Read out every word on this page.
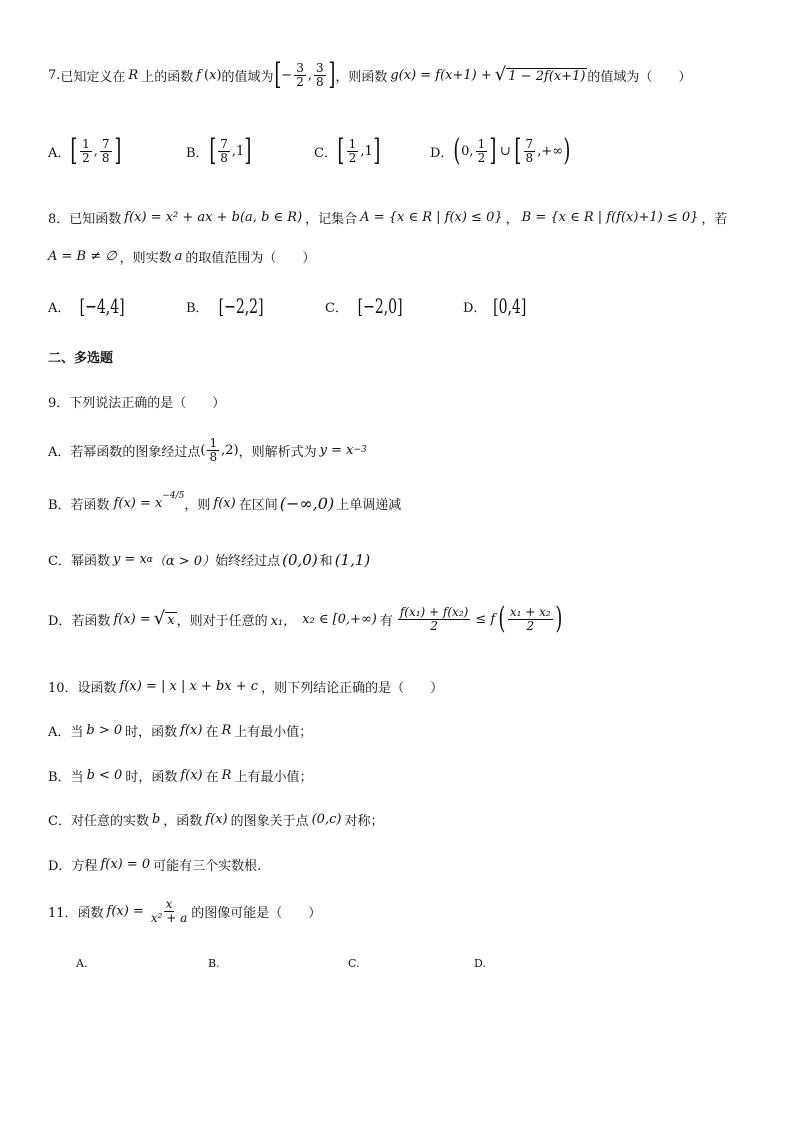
7. 已知定义在 R 上的函数 f ( x ) 的值域为 [ − $\frac{3}{2}$ , $\frac{3}{8}$ ] ，则函数 g(x) = f(x+1) + √ 1 − 2f(x+1) 的值域为（　　）
A． [ $\frac{1}{2}$ , $\frac{7}{8}$ ]	B． [ $\frac{7}{8} ,1$ ]	C． [ $\frac{1}{2} ,1$ ]	D． ( 0, $\frac{1}{2}$ ] ∪ [ $\frac{7}{8}$ ,+∞ )
8．已知函数 f(x) = x² + ax + b(a, b ∈ R) ，记集合 A = {x ∈ R | f(x) ≤ 0} ， B = {x ∈ R | f(f(x)+1) ≤ 0} ，若
A = B ≠ ∅ ，则实数 a 的取值范围为（　　）
A． [−4,4]	B． [−2,2]	C． [−2,0]	D． [0,4]
二、多选题
9．下列说法正确的是（　　）
A．若幂函数的图象经过点 ( $\frac{1}{8} ,2$) ，则解析式为 y = x −3
B．若函数 f(x) = x
$^{-4/5}$
，则 f(x) 在区间 (−∞,0) 上单调递减
C．幂函数 y = x α （α > 0） 始终经过点 (0,0) 和 (1,1)
D．若函数 f(x) = √ x ，则对于任意的 x₁， x₂ ∈ [0,+∞) 有 $\frac{\text{f(x₁) + f(x₂)}}{2} \le f$ ( $\frac{\text{x₁ + x₂}}{2}$ )
10．设函数 f(x) = | x | x + bx + c ，则下列结论正确的是（　　）
A．当 b > 0 时，函数 f(x) 在 R 上有最小值；
B．当 b < 0 时，函数 f(x) 在 R 上有最小值；
C．对任意的实数 b ，函数 f(x) 的图象关于点 (0,c) 对称；
D．方程 f(x) = 0 可能有三个实数根.
11．函数 $f(x) = \frac{x}{\text{x² + a}}$ 的图像可能是（　　）
A.	B.	C.	D.
